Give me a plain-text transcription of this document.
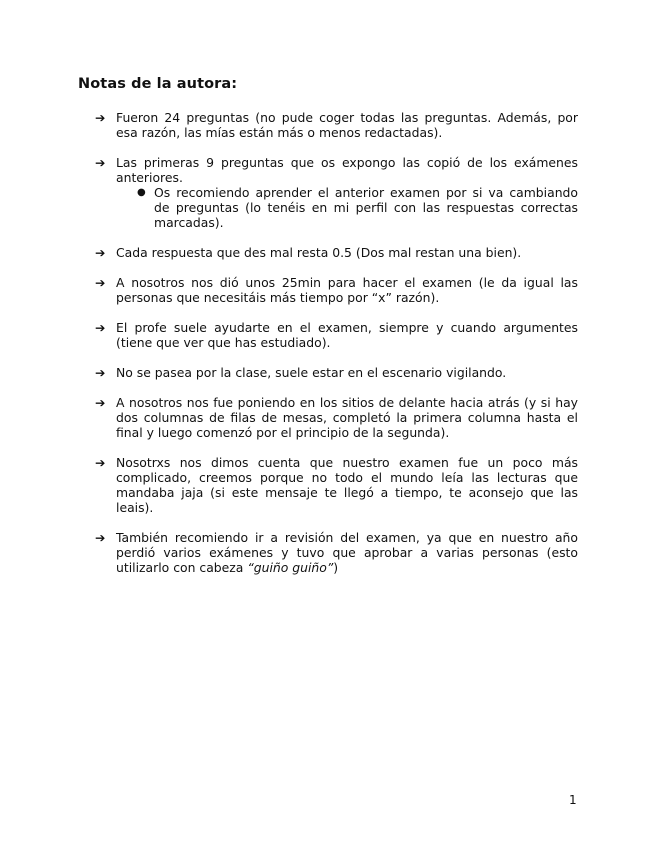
Notas de la autora:
➔ Fueron 24 preguntas (no pude coger todas las preguntas. Además, por esa razón, las mías están más o menos redactadas).
➔ Las primeras 9 preguntas que os expongo las copió de los exámenes anteriores.
● Os recomiendo aprender el anterior examen por si va cambiando de preguntas (lo tenéis en mi perfil con las respuestas correctas marcadas).
➔ Cada respuesta que des mal resta 0.5 (Dos mal restan una bien).
➔ A nosotros nos dió unos 25min para hacer el examen (le da igual las personas que necesitáis más tiempo por “x” razón).
➔ El profe suele ayudarte en el examen, siempre y cuando argumentes (tiene que ver que has estudiado).
➔ No se pasea por la clase, suele estar en el escenario vigilando.
➔ A nosotros nos fue poniendo en los sitios de delante hacia atrás (y si hay dos columnas de filas de mesas, completó la primera columna hasta el final y luego comenzó por el principio de la segunda).
➔ Nosotrxs nos dimos cuenta que nuestro examen fue un poco más complicado, creemos porque no todo el mundo leía las lecturas que mandaba jaja (si este mensaje te llegó a tiempo, te aconsejo que las leais).
➔ También recomiendo ir a revisión del examen, ya que en nuestro año perdió varios exámenes y tuvo que aprobar a varias personas (esto utilizarlo con cabeza “guiño guiño”)
1
